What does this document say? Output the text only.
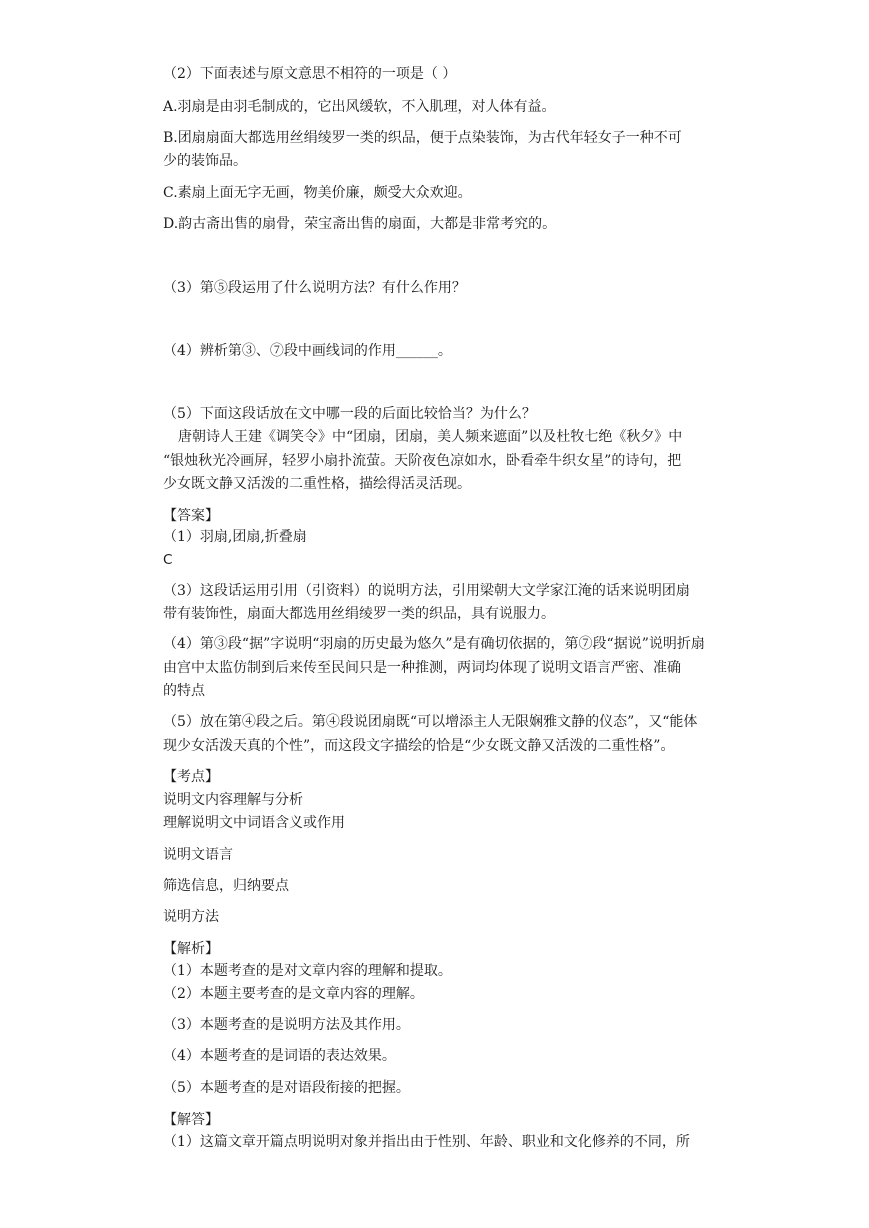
（2）下面表述与原文意思不相符的一项是（ ）
A.羽扇是由羽毛制成的，它出风缓软，不入肌理，对人体有益。
B.团扇扇面大都选用丝绢绫罗一类的织品，便于点染装饰，为古代年轻女子一种不可
少的装饰品。
C.素扇上面无字无画，物美价廉，颇受大众欢迎。
D.韵古斋出售的扇骨，荣宝斋出售的扇面，大都是非常考究的。
（3）第⑤段运用了什么说明方法？有什么作用？
（4）辨析第③、⑦段中画线词的作用______。
（5）下面这段话放在文中哪一段的后面比较恰当？为什么？
唐朝诗人王建《调笑令》中“团扇，团扇，美人频来遮面”以及杜牧七绝《秋夕》中
“银烛秋光冷画屏，轻罗小扇扑流萤。天阶夜色凉如水，卧看牵牛织女星”的诗句，把
少女既文静又活泼的二重性格，描绘得活灵活现。
【答案】
（1）羽扇,团扇,折叠扇
C
（3）这段话运用引用（引资料）的说明方法，引用梁朝大文学家江淹的话来说明团扇
带有装饰性，扇面大都选用丝绢绫罗一类的织品，具有说服力。
（4）第③段“据”字说明“羽扇的历史最为悠久”是有确切依据的，第⑦段“据说”说明折扇
由宫中太监仿制到后来传至民间只是一种推测，两词均体现了说明文语言严密、准确
的特点
（5）放在第④段之后。第④段说团扇既“可以增添主人无限娴雅文静的仪态”，又“能体
现少女活泼天真的个性”，而这段文字描绘的恰是“少女既文静又活泼的二重性格”。
【考点】
说明文内容理解与分析
理解说明文中词语含义或作用
说明文语言
筛选信息，归纳要点
说明方法
【解析】
（1）本题考查的是对文章内容的理解和提取。
（2）本题主要考查的是文章内容的理解。
（3）本题考查的是说明方法及其作用。
（4）本题考查的是词语的表达效果。
（5）本题考查的是对语段衔接的把握。
【解答】
（1）这篇文章开篇点明说明对象并指出由于性别、年龄、职业和文化修养的不同，所
